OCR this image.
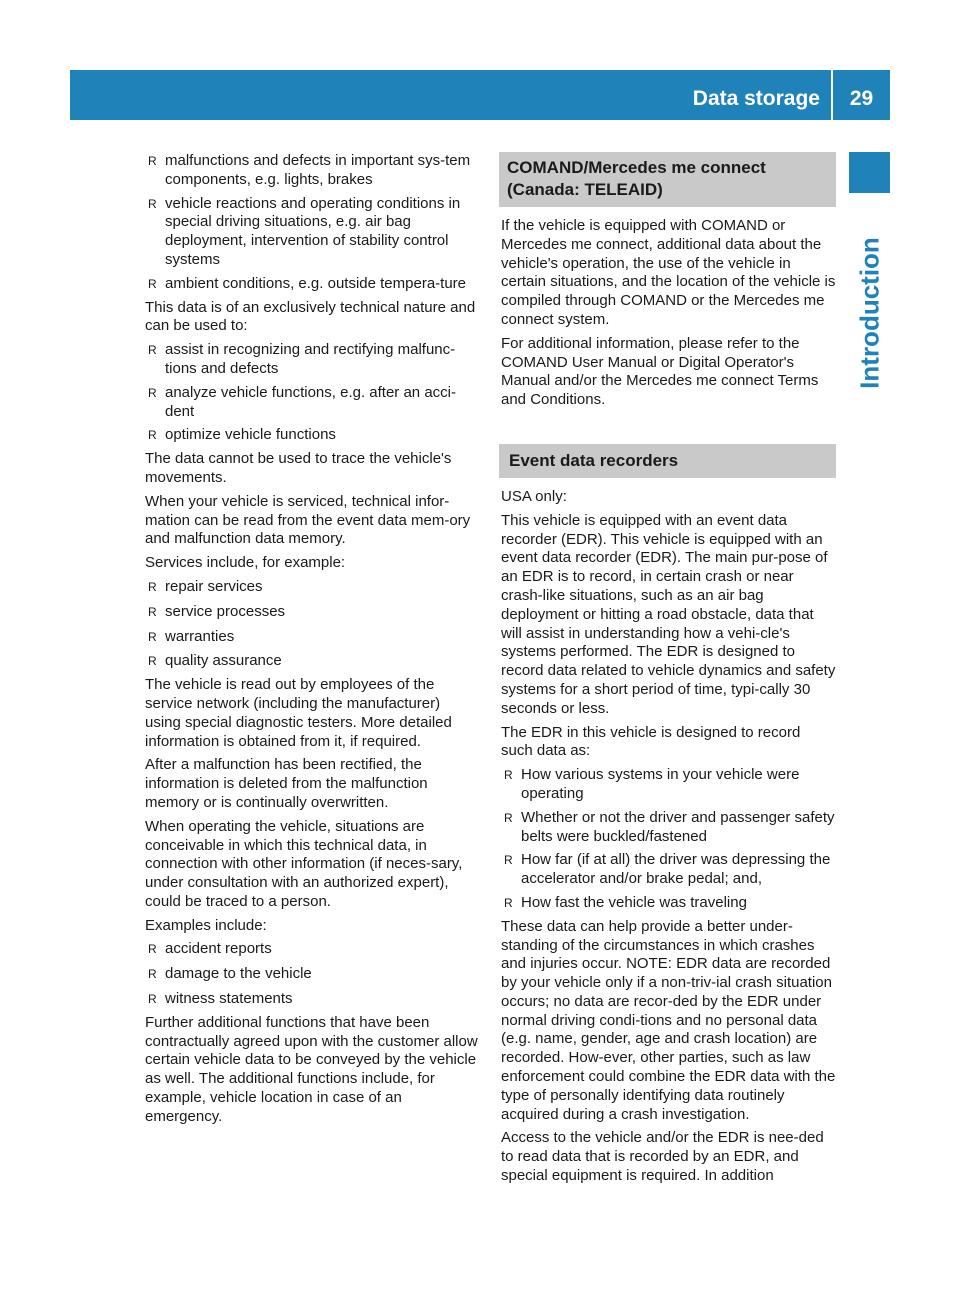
Data storage	29
Introduction
R malfunctions and defects in important sys-tem components, e.g. lights, brakes
R vehicle reactions and operating conditions in special driving situations, e.g. air bag deployment, intervention of stability control systems
R ambient conditions, e.g. outside tempera-ture

This data is of an exclusively technical nature and can be used to:

R assist in recognizing and rectifying malfunc-tions and defects
R analyze vehicle functions, e.g. after an acci-dent
R optimize vehicle functions

The data cannot be used to trace the vehicle's movements.

When your vehicle is serviced, technical infor-mation can be read from the event data mem-ory and malfunction data memory.

Services include, for example:

R repair services
R service processes
R warranties
R quality assurance

The vehicle is read out by employees of the service network (including the manufacturer) using special diagnostic testers. More detailed information is obtained from it, if required.

After a malfunction has been rectified, the information is deleted from the malfunction memory or is continually overwritten.

When operating the vehicle, situations are conceivable in which this technical data, in connection with other information (if neces-sary, under consultation with an authorized expert), could be traced to a person.

Examples include:

R accident reports
R damage to the vehicle
R witness statements

Further additional functions that have been contractually agreed upon with the customer allow certain vehicle data to be conveyed by the vehicle as well. The additional functions include, for example, vehicle location in case of an emergency.

COMAND/Mercedes me connect (Canada: TELEAID)

If the vehicle is equipped with COMAND or Mercedes me connect, additional data about the vehicle's operation, the use of the vehicle in certain situations, and the location of the vehicle is compiled through COMAND or the Mercedes me connect system.

For additional information, please refer to the COMAND User Manual or Digital Operator's Manual and/or the Mercedes me connect Terms and Conditions.

Event data recorders

USA only:

This vehicle is equipped with an event data recorder (EDR). This vehicle is equipped with an event data recorder (EDR). The main pur-pose of an EDR is to record, in certain crash or near crash-like situations, such as an air bag deployment or hitting a road obstacle, data that will assist in understanding how a vehi-cle's systems performed. The EDR is designed to record data related to vehicle dynamics and safety systems for a short period of time, typi-cally 30 seconds or less.

The EDR in this vehicle is designed to record such data as:

R How various systems in your vehicle were operating
R Whether or not the driver and passenger safety belts were buckled/fastened
R How far (if at all) the driver was depressing the accelerator and/or brake pedal; and,
R How fast the vehicle was traveling

These data can help provide a better under-standing of the circumstances in which crashes and injuries occur. NOTE: EDR data are recorded by your vehicle only if a non-triv-ial crash situation occurs; no data are recor-ded by the EDR under normal driving condi-tions and no personal data (e.g. name, gender, age and crash location) are recorded. How-ever, other parties, such as law enforcement could combine the EDR data with the type of personally identifying data routinely acquired during a crash investigation.

Access to the vehicle and/or the EDR is nee-ded to read data that is recorded by an EDR, and special equipment is required. In addition
